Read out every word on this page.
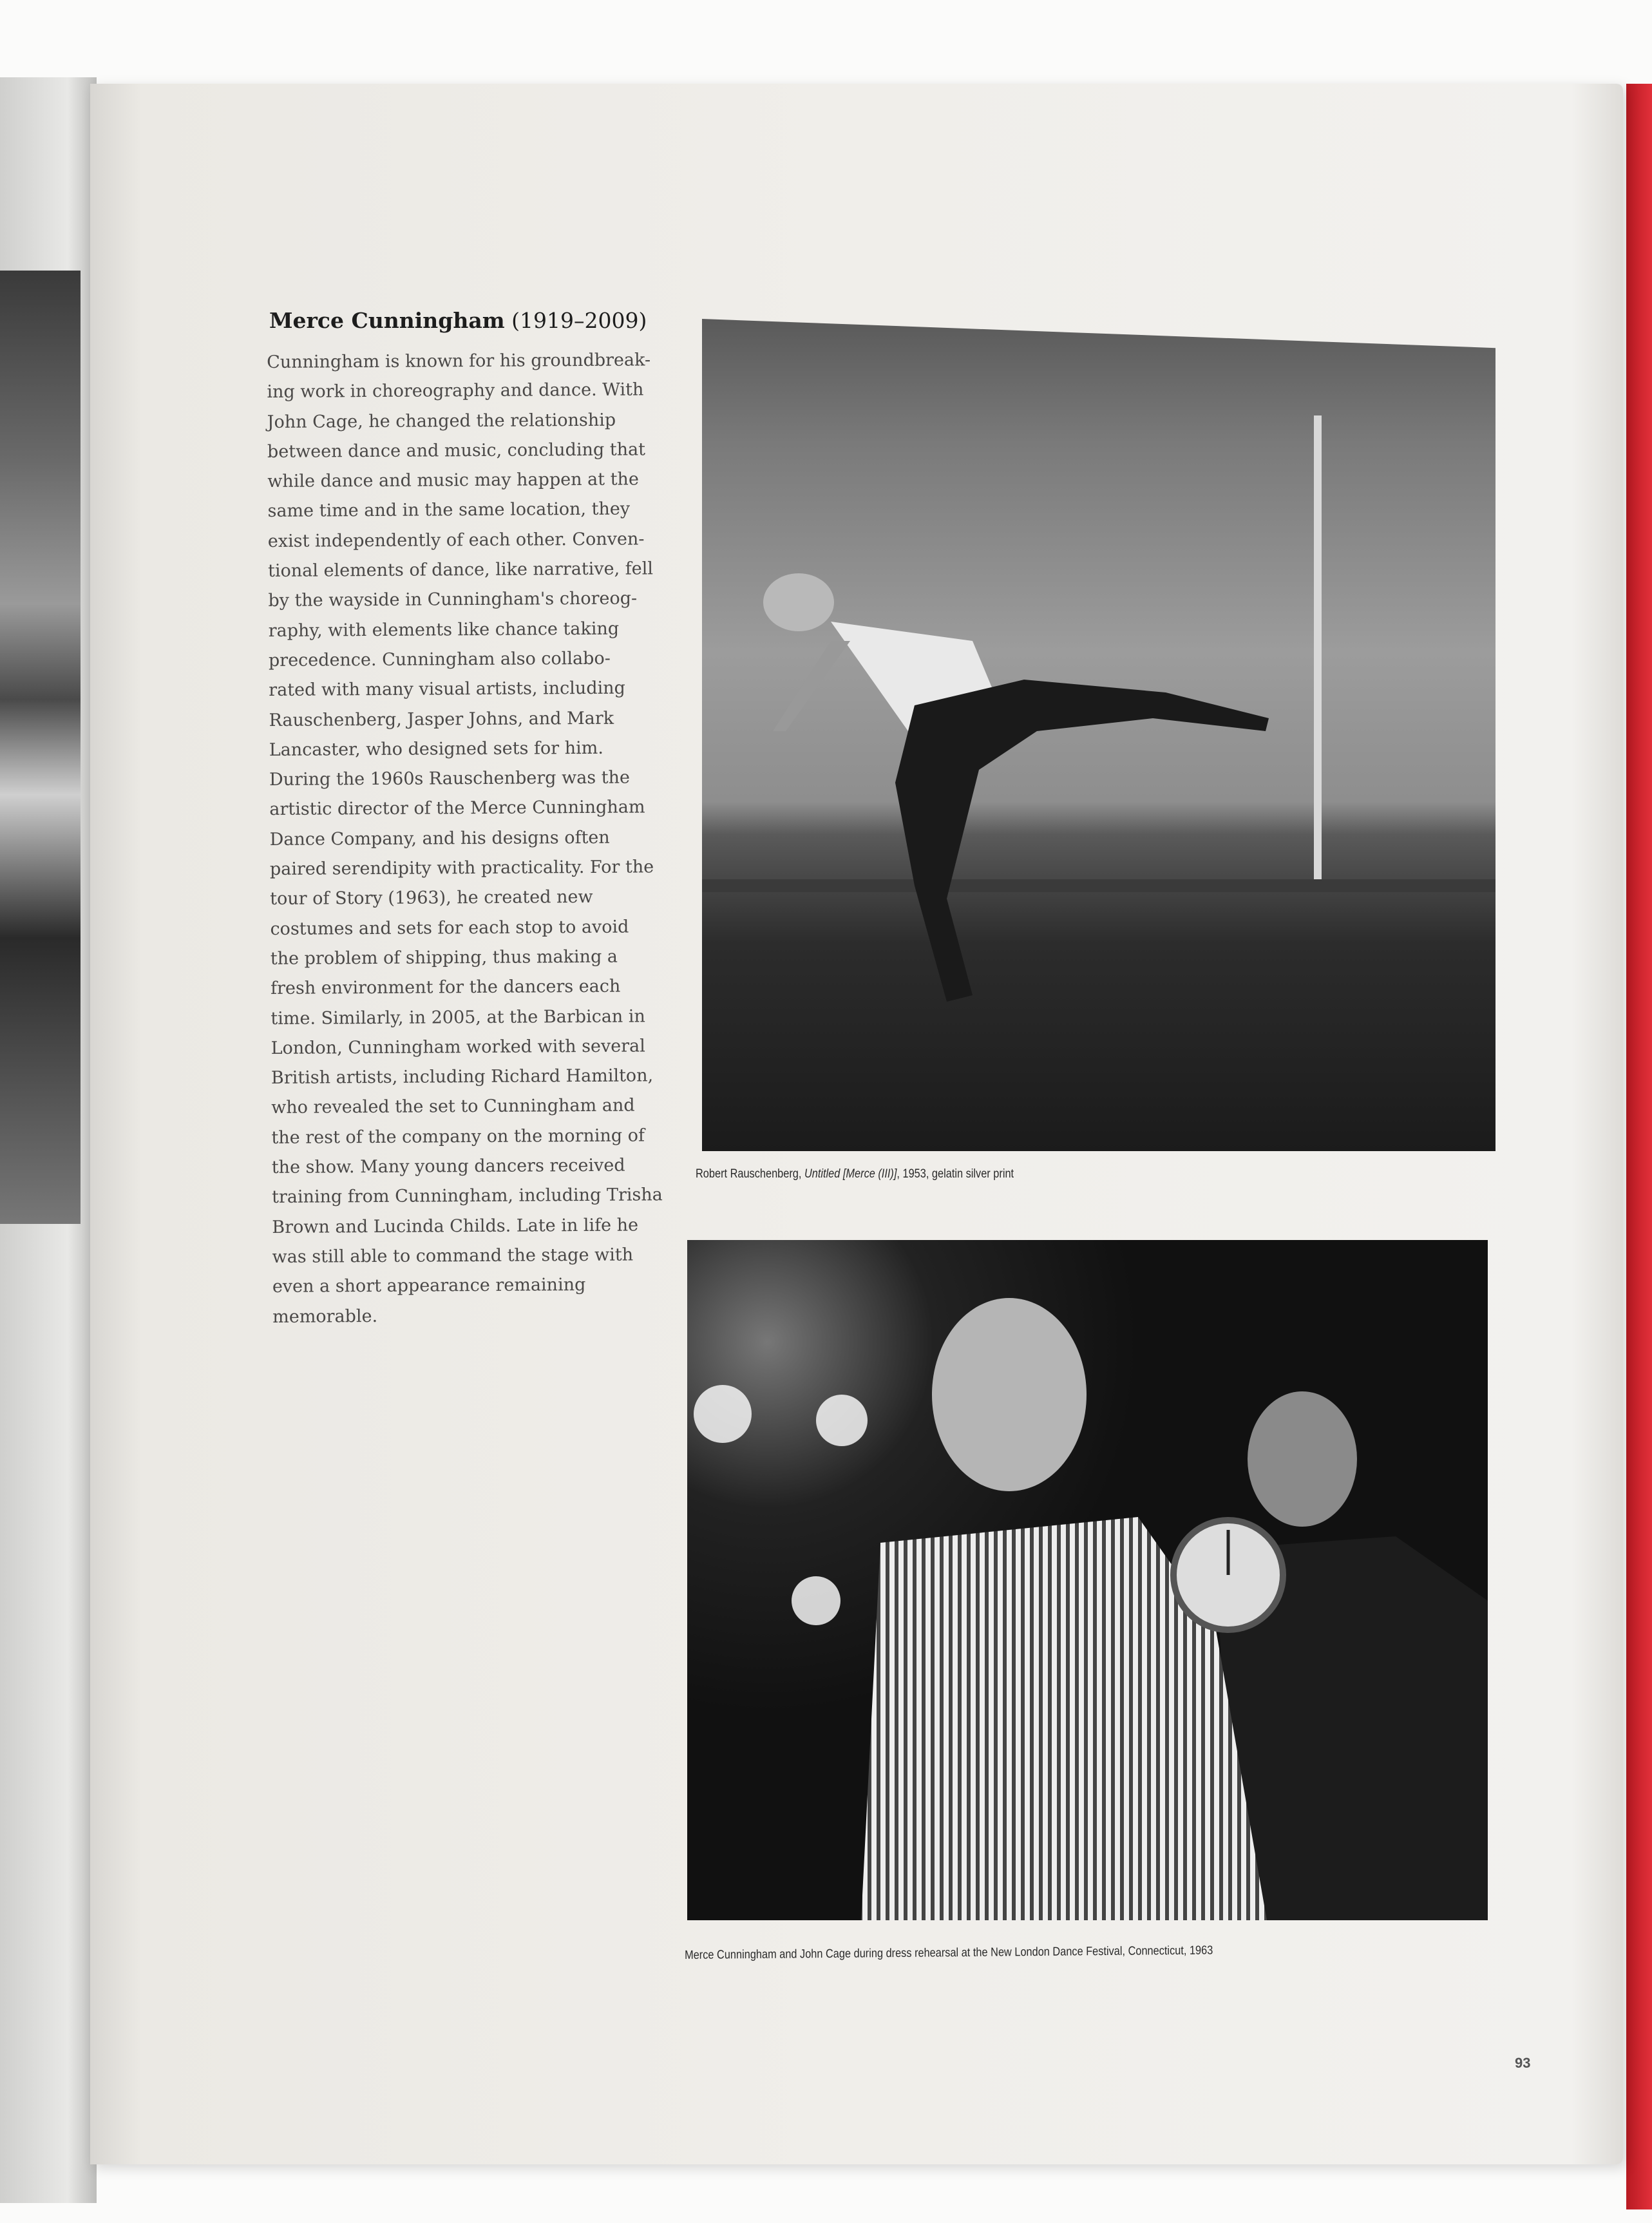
Merce Cunningham (1919–2009)
Cunningham is known for his groundbreak-
ing work in choreography and dance. With
John Cage, he changed the relationship
between dance and music, concluding that
while dance and music may happen at the
same time and in the same location, they
exist independently of each other. Conven-
tional elements of dance, like narrative, fell
by the wayside in Cunningham's choreog-
raphy, with elements like chance taking
precedence. Cunningham also collabo-
rated with many visual artists, including
Rauschenberg, Jasper Johns, and Mark
Lancaster, who designed sets for him.
During the 1960s Rauschenberg was the
artistic director of the Merce Cunningham
Dance Company, and his designs often
paired serendipity with practicality. For the
tour of Story (1963), he created new
costumes and sets for each stop to avoid
the problem of shipping, thus making a
fresh environment for the dancers each
time. Similarly, in 2005, at the Barbican in
London, Cunningham worked with several
British artists, including Richard Hamilton,
who revealed the set to Cunningham and
the rest of the company on the morning of
the show. Many young dancers received
training from Cunningham, including Trisha
Brown and Lucinda Childs. Late in life he
was still able to command the stage with
even a short appearance remaining
memorable.
Robert Rauschenberg, Untitled [Merce (III)], 1953, gelatin silver print
Merce Cunningham and John Cage during dress rehearsal at the New London Dance Festival, Connecticut, 1963
93
